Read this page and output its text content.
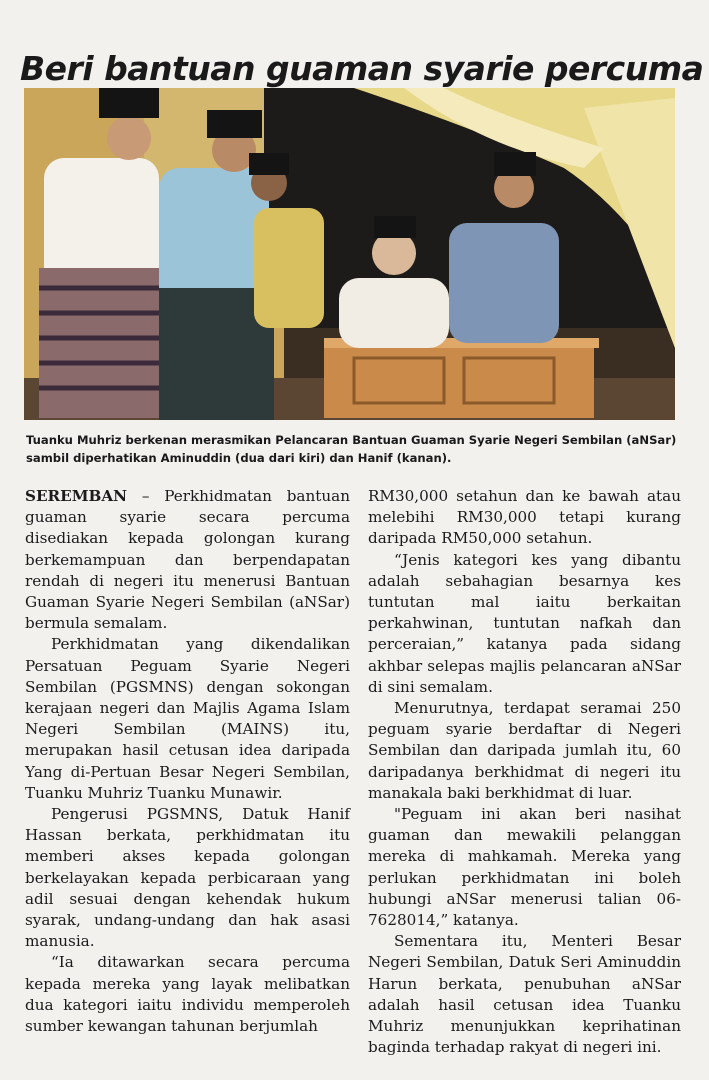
Beri bantuan guaman syarie percuma
Tuanku Muhriz berkenan merasmikan Pelancaran Bantuan Guaman Syarie Negeri Sembilan (aNSar) sambil diperhatikan Aminuddin (dua dari kiri) dan Hanif (kanan).

SEREMBAN – Perkhidmatan bantuan guaman syarie secara percuma disediakan kepada golongan kurang berkemampuan dan berpendapatan rendah di negeri itu menerusi Bantuan Guaman Syarie Negeri Sembilan (aNSar) bermula semalam.

Perkhidmatan yang dikendalikan Persatuan Peguam Syarie Negeri Sembilan (PGSMNS) dengan sokongan kerajaan negeri dan Majlis Agama Islam Negeri Sembilan (MAINS) itu, merupakan hasil cetusan idea daripada Yang di-Pertuan Besar Negeri Sembilan, Tuanku Muhriz Tuanku Munawir.

Pengerusi PGSMNS, Datuk Hanif Hassan berkata, perkhidmatan itu memberi akses kepada golongan berkelayakan kepada perbicaraan yang adil sesuai dengan kehendak hukum syarak, undang-undang dan hak asasi manusia.

“Ia ditawarkan secara percuma kepada mereka yang layak melibatkan dua kategori iaitu individu memperoleh sumber kewangan tahunan berjumlah

RM30,000 setahun dan ke bawah atau melebihi RM30,000 tetapi kurang daripada RM50,000 setahun.

“Jenis kategori kes yang dibantu adalah sebahagian besarnya kes tuntutan mal iaitu berkaitan perkahwinan, tuntutan nafkah dan perceraian,” katanya pada sidang akhbar selepas majlis pelancaran aNSar di sini semalam.

Menurutnya, terdapat seramai 250 peguam syarie berdaftar di Negeri Sembilan dan daripada jumlah itu, 60 daripadanya berkhidmat di negeri itu manakala baki berkhidmat di luar.

"Peguam ini akan beri nasihat guaman dan mewakili pelanggan mereka di mahkamah. Mereka yang perlukan perkhidmatan ini boleh hubungi aNSar menerusi talian 06-7628014,” katanya.

Sementara itu, Menteri Besar Negeri Sembilan, Datuk Seri Aminuddin Harun berkata, penubuhan aNSar adalah hasil cetusan idea Tuanku Muhriz menunjukkan keprihatinan baginda terhadap rakyat di negeri ini.
